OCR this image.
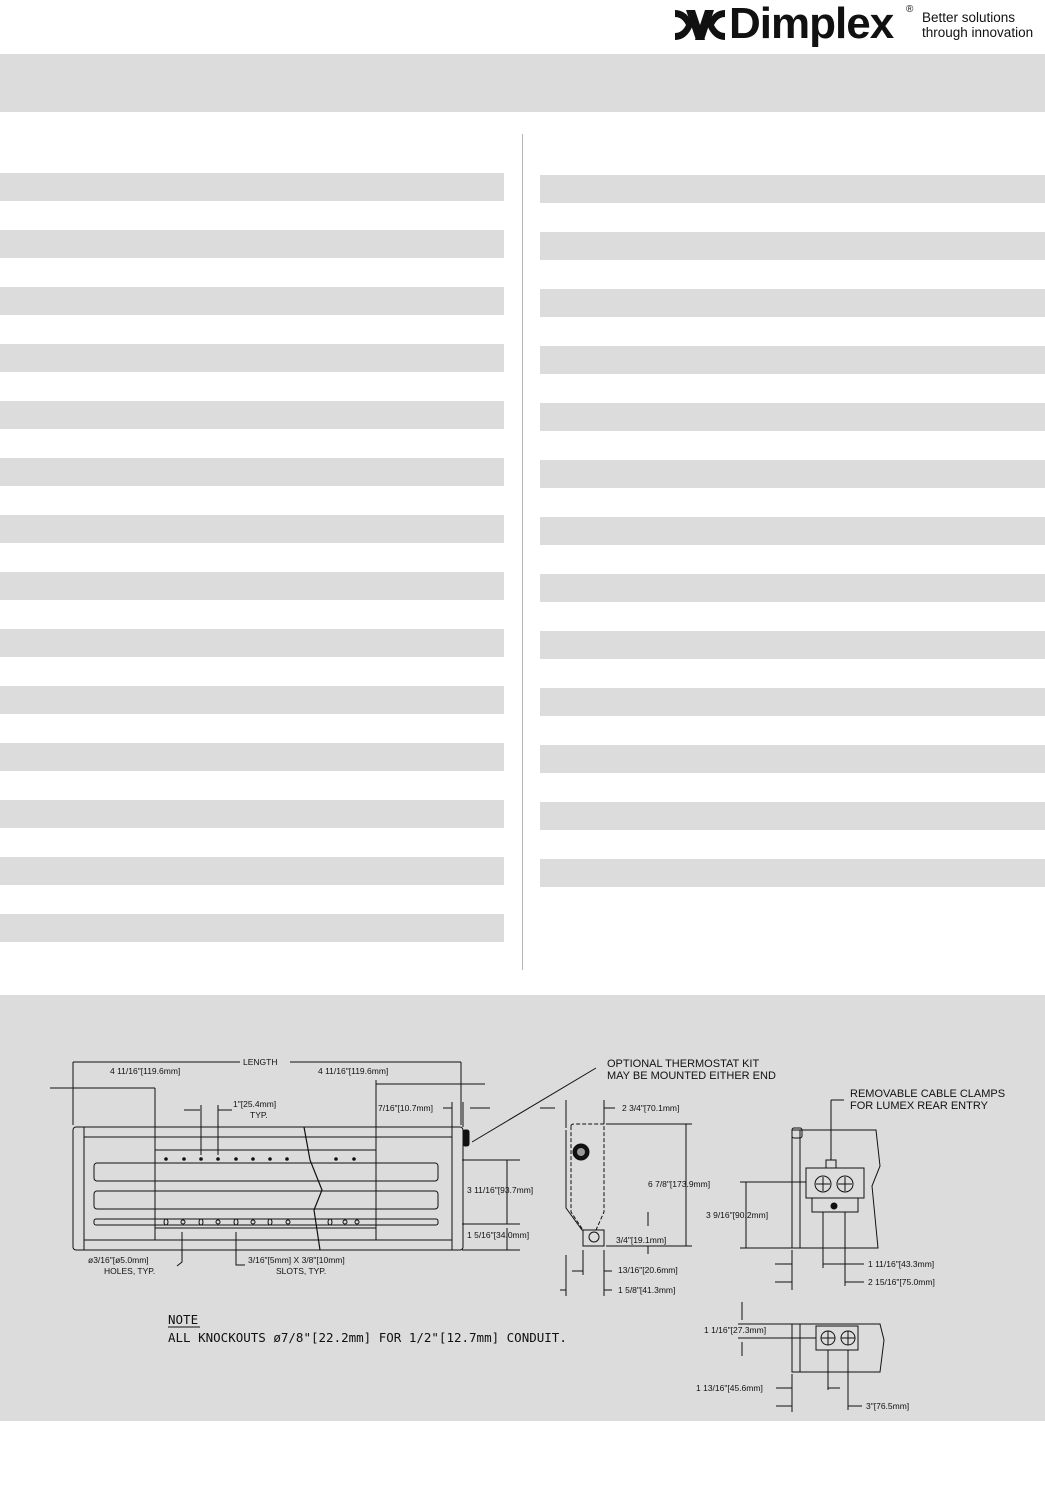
Dimplex ®
Better solutions
through innovation
LENGTH
4 11/16"[119.6mm]	4 11/16"[119.6mm]
1"[25.4mm]
TYP.
7/16"[10.7mm]
3 11/16"[93.7mm]
1 5/16"[34.0mm]
ø3/16"[ø5.0mm]
HOLES, TYP.
3/16"[5mm] X 3/8"[10mm]
SLOTS, TYP.
OPTIONAL THERMOSTAT KIT
MAY BE MOUNTED EITHER END
2 3/4"[70.1mm]
6 7/8"[173.9mm]
3/4"[19.1mm]
13/16"[20.6mm]
1 5/8"[41.3mm]
REMOVABLE CABLE CLAMPS
FOR LUMEX REAR ENTRY
3 9/16"[90.2mm]
1 11/16"[43.3mm]
2 15/16"[75.0mm]
1 1/16"[27.3mm]
1 13/16"[45.6mm]
3"[76.5mm]
NOTE
ALL KNOCKOUTS ø7/8"[22.2mm] FOR 1/2"[12.7mm] CONDUIT.
